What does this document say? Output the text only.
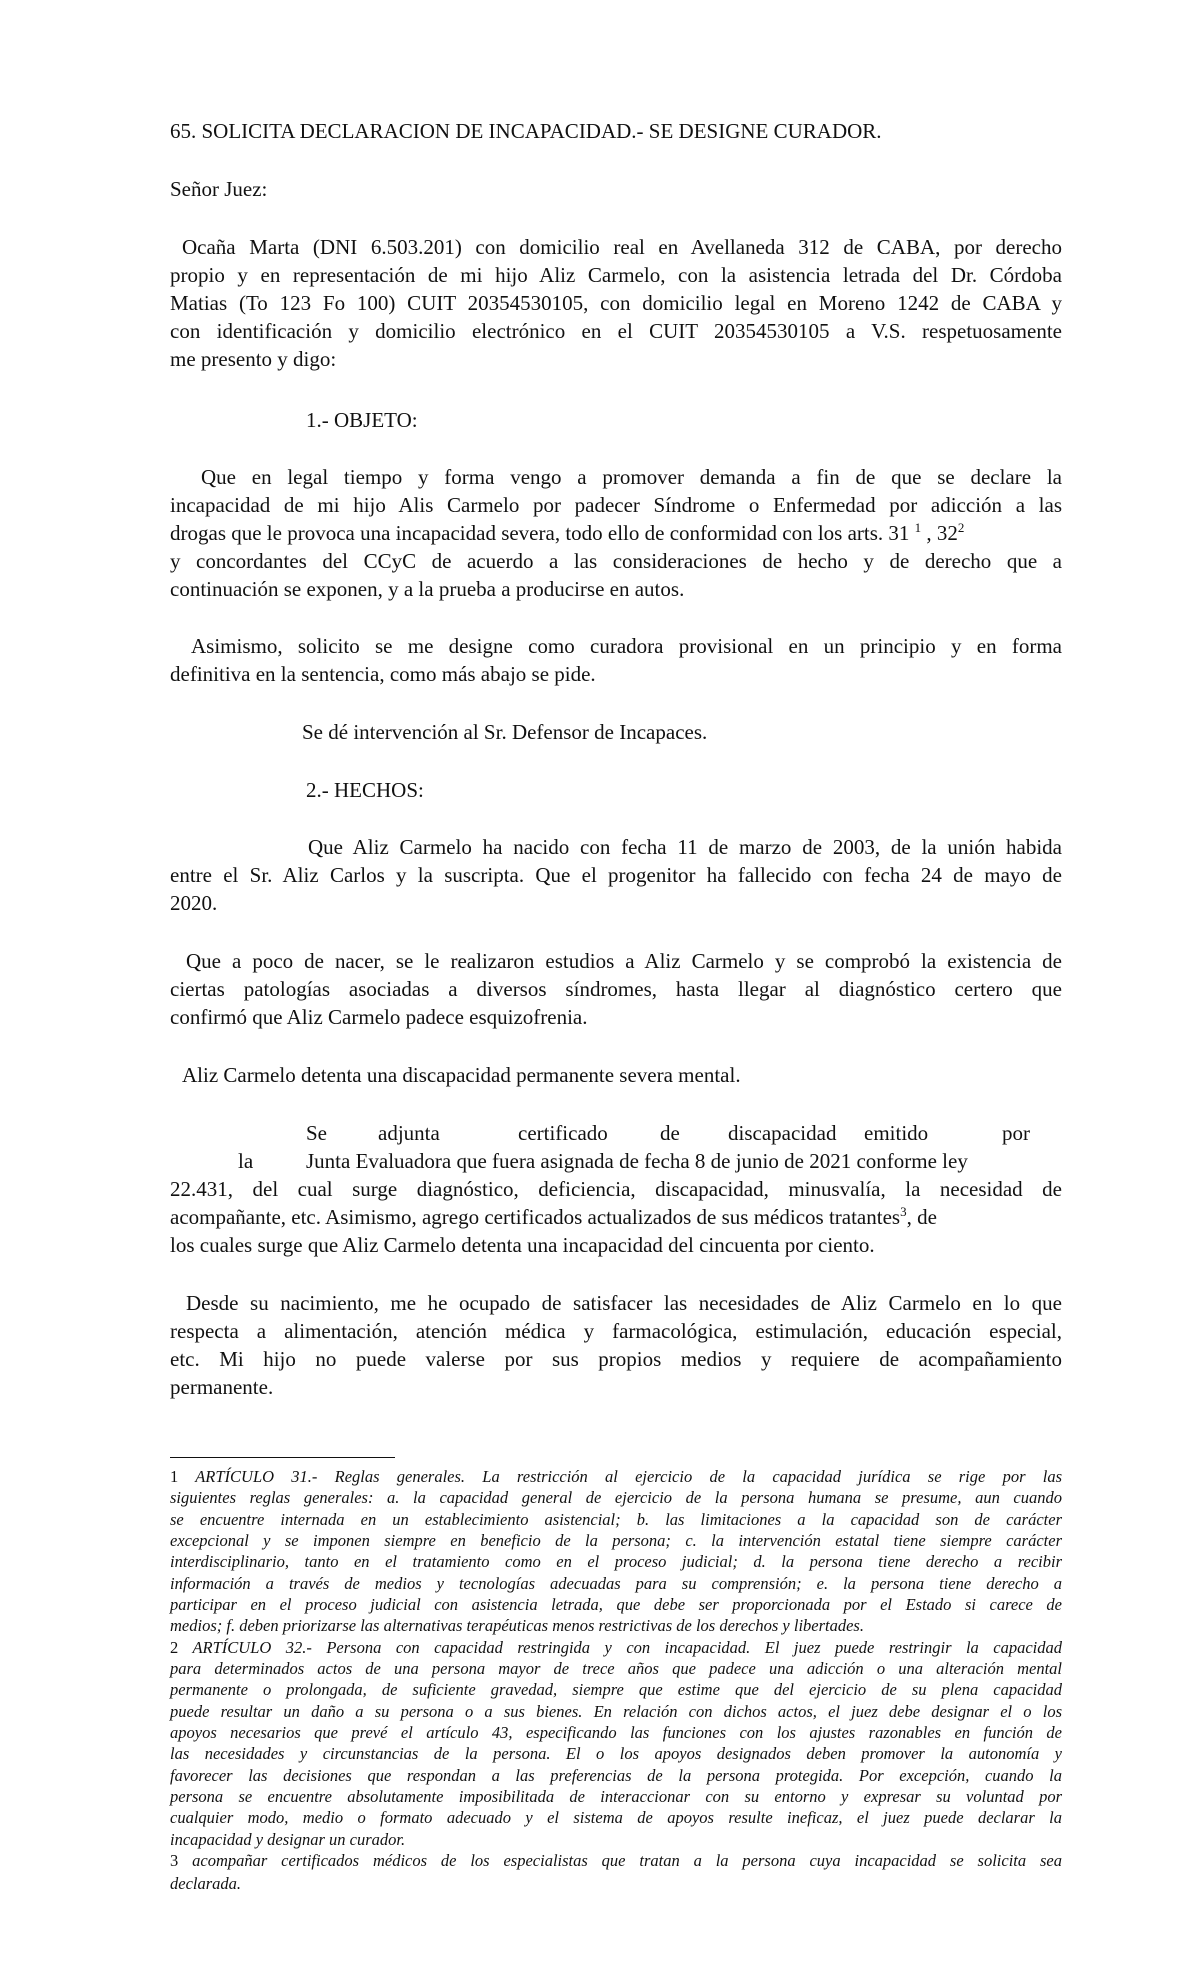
65. SOLICITA DECLARACION DE INCAPACIDAD.- SE DESIGNE CURADOR.
Señor Juez:
Ocaña Marta (DNI 6.503.201) con domicilio real en Avellaneda 312 de CABA, por derecho
propio y en representación de mi hijo Aliz Carmelo, con la asistencia letrada del Dr. Córdoba
Matias (To 123 Fo 100) CUIT 20354530105, con domicilio legal en Moreno 1242 de CABA y
con identificación y domicilio electrónico en el CUIT 20354530105 a V.S. respetuosamente
me presento y digo:
1.- OBJETO:
Que en legal tiempo y forma vengo a promover demanda a fin de que se declare la
incapacidad de mi hijo Alis Carmelo por padecer Síndrome o Enfermedad por adicción a las
drogas que le provoca una incapacidad severa, todo ello de conformidad con los arts. 31 $^1$ , $32^2$
y concordantes del CCyC de acuerdo a las consideraciones de hecho y de derecho que a
continuación se exponen, y a la prueba a producirse en autos.
Asimismo, solicito se me designe como curadora provisional en un principio y en forma
definitiva en la sentencia, como más abajo se pide.
Se dé intervención al Sr. Defensor de Incapaces.
2.- HECHOS:
Que Aliz Carmelo ha nacido con fecha 11 de marzo de 2003, de la unión habida
entre el Sr. Aliz Carlos y la suscripta. Que el progenitor ha fallecido con fecha 24 de mayo de
2020.
Que a poco de nacer, se le realizaron estudios a Aliz Carmelo y se comprobó la existencia de
ciertas patologías asociadas a diversos síndromes, hasta llegar al diagnóstico certero que
confirmó que Aliz Carmelo padece esquizofrenia.
Aliz Carmelo detenta una discapacidad permanente severa mental.
Se adjunta	certificado de discapacidad emitido	por
la	Junta Evaluadora que fuera asignada de fecha 8 de junio de 2021 conforme ley
22.431, del cual surge diagnóstico, deficiencia, discapacidad, minusvalía, la necesidad de
acompañante, etc. Asimismo, agrego certificados actualizados de sus médicos tratantes$^3$, de
los cuales surge que Aliz Carmelo detenta una incapacidad del cincuenta por ciento.
Desde su nacimiento, me he ocupado de satisfacer las necesidades de Aliz Carmelo en lo que
respecta a alimentación, atención médica y farmacológica, estimulación, educación especial,
etc. Mi hijo no puede valerse por sus propios medios y requiere de acompañamiento
permanente.
1 ARTÍCULO 31.- Reglas generales. La restricción al ejercicio de la capacidad jurídica se rige por las
siguientes reglas generales: a. la capacidad general de ejercicio de la persona humana se presume, aun cuando
se encuentre internada en un establecimiento asistencial; b. las limitaciones a la capacidad son de carácter
excepcional y se imponen siempre en beneficio de la persona; c. la intervención estatal tiene siempre carácter
interdisciplinario, tanto en el tratamiento como en el proceso judicial; d. la persona tiene derecho a recibir
información a través de medios y tecnologías adecuadas para su comprensión; e. la persona tiene derecho a
participar en el proceso judicial con asistencia letrada, que debe ser proporcionada por el Estado si carece de
medios; f. deben priorizarse las alternativas terapéuticas menos restrictivas de los derechos y libertades.
2 ARTÍCULO 32.- Persona con capacidad restringida y con incapacidad. El juez puede restringir la capacidad
para determinados actos de una persona mayor de trece años que padece una adicción o una alteración mental
permanente o prolongada, de suficiente gravedad, siempre que estime que del ejercicio de su plena capacidad
puede resultar un daño a su persona o a sus bienes. En relación con dichos actos, el juez debe designar el o los
apoyos necesarios que prevé el artículo 43, especificando las funciones con los ajustes razonables en función de
las necesidades y circunstancias de la persona. El o los apoyos designados deben promover la autonomía y
favorecer las decisiones que respondan a las preferencias de la persona protegida. Por excepción, cuando la
persona se encuentre absolutamente imposibilitada de interaccionar con su entorno y expresar su voluntad por
cualquier modo, medio o formato adecuado y el sistema de apoyos resulte ineficaz, el juez puede declarar la
incapacidad y designar un curador.
3 acompañar certificados médicos de los especialistas que tratan a la persona cuya incapacidad se solicita sea
declarada.
